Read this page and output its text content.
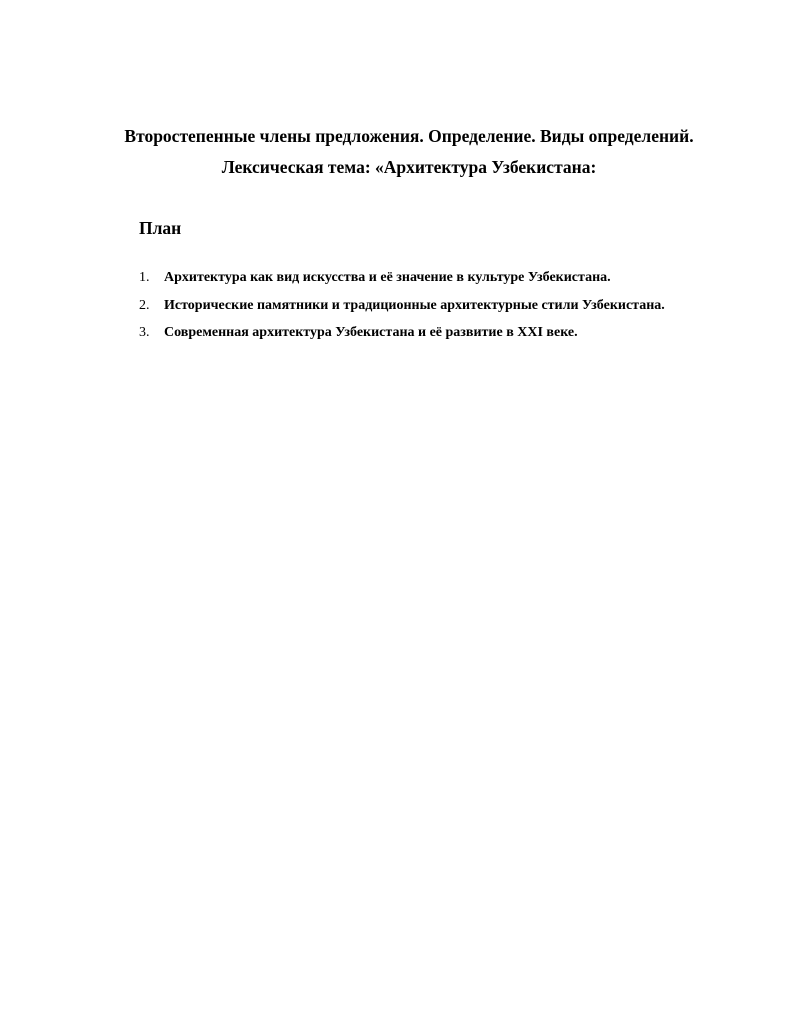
Второстепенные члены предложения. Определение. Виды определений.
Лексическая тема: «Архитектура Узбекистана:
План
1.	Архитектура как вид искусства и её значение в культуре Узбекистана.
2.	Исторические памятники и традиционные архитектурные стили Узбекистана.
3.	Современная архитектура Узбекистана и её развитие в XXI веке.
